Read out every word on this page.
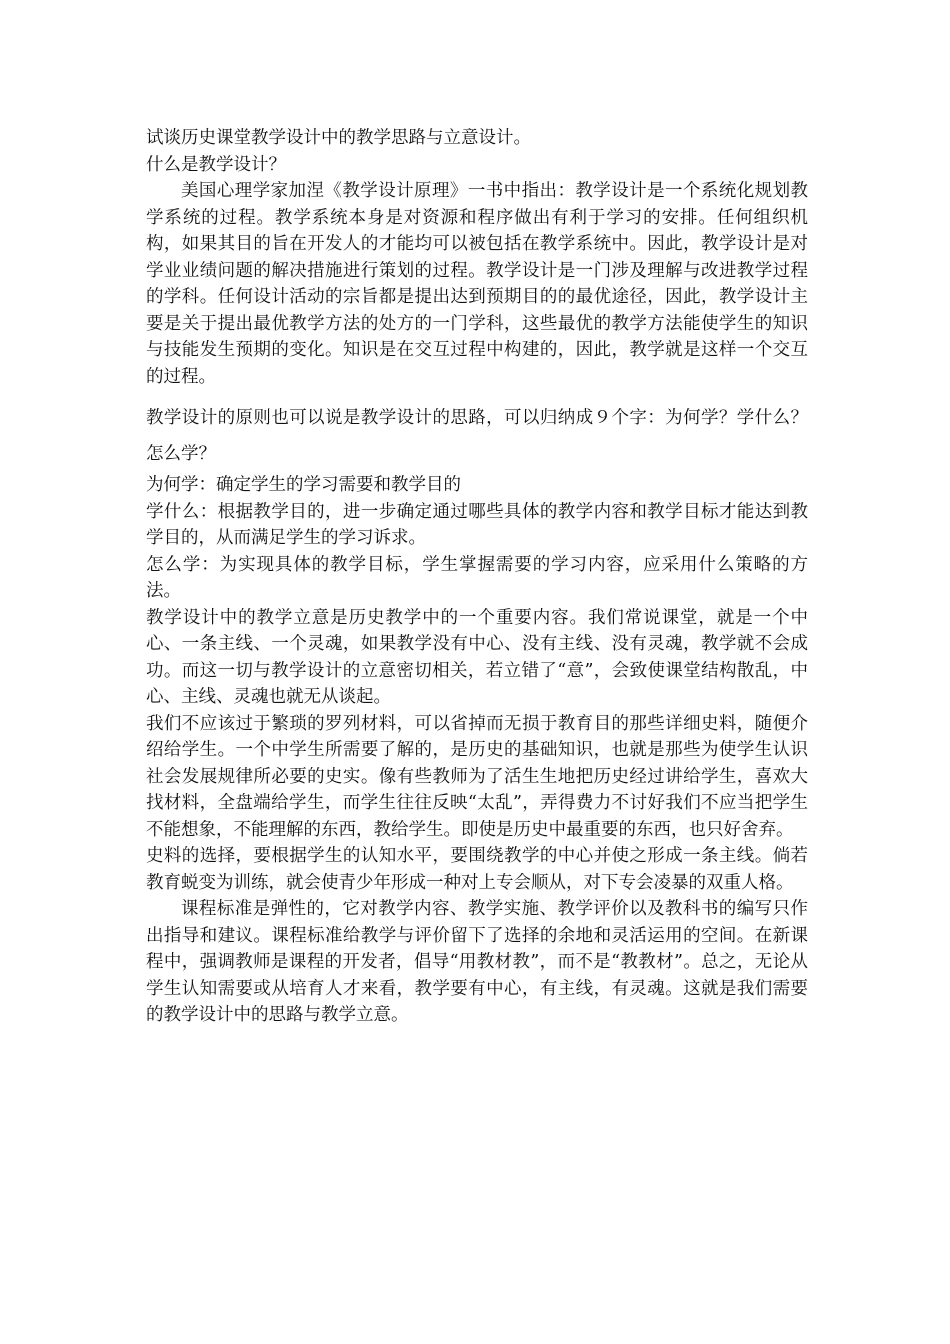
试谈历史课堂教学设计中的教学思路与立意设计。

什么是教学设计？

美国心理学家加涅《教学设计原理》一书中指出：教学设计是一个系统化规划教学系统的过程。教学系统本身是对资源和程序做出有利于学习的安排。任何组织机构，如果其目的旨在开发人的才能均可以被包括在教学系统中。因此，教学设计是对学业业绩问题的解决措施进行策划的过程。教学设计是一门涉及理解与改进教学过程的学科。任何设计活动的宗旨都是提出达到预期目的的最优途径，因此，教学设计主要是关于提出最优教学方法的处方的一门学科，这些最优的教学方法能使学生的知识与技能发生预期的变化。知识是在交互过程中构建的，因此，教学就是这样一个交互的过程。

教学设计的原则也可以说是教学设计的思路，可以归纳成９个字：为何学？学什么？怎么学？

为何学：确定学生的学习需要和教学目的

学什么：根据教学目的，进一步确定通过哪些具体的教学内容和教学目标才能达到教学目的，从而满足学生的学习诉求。

怎么学：为实现具体的教学目标，学生掌握需要的学习内容，应采用什么策略的方法。

教学设计中的教学立意是历史教学中的一个重要内容。我们常说课堂，就是一个中心、一条主线、一个灵魂，如果教学没有中心、没有主线、没有灵魂，教学就不会成功。而这一切与教学设计的立意密切相关，若立错了“意”，会致使课堂结构散乱，中心、主线、灵魂也就无从谈起。

我们不应该过于繁琐的罗列材料，可以省掉而无损于教育目的那些详细史料，随便介绍给学生。一个中学生所需要了解的，是历史的基础知识，也就是那些为使学生认识社会发展规律所必要的史实。像有些教师为了活生生地把历史经过讲给学生，喜欢大找材料，全盘端给学生，而学生往往反映“太乱”，弄得费力不讨好我们不应当把学生不能想象，不能理解的东西，教给学生。即使是历史中最重要的东西，也只好舍弃。

史料的选择，要根据学生的认知水平，要围绕教学的中心并使之形成一条主线。倘若教育蜕变为训练，就会使青少年形成一种对上专会顺从，对下专会凌暴的双重人格。

课程标准是弹性的，它对教学内容、教学实施、教学评价以及教科书的编写只作出指导和建议。课程标准给教学与评价留下了选择的余地和灵活运用的空间。在新课程中，强调教师是课程的开发者，倡导“用教材教”，而不是“教教材”。总之，无论从学生认知需要或从培育人才来看，教学要有中心，有主线，有灵魂。这就是我们需要的教学设计中的思路与教学立意。
